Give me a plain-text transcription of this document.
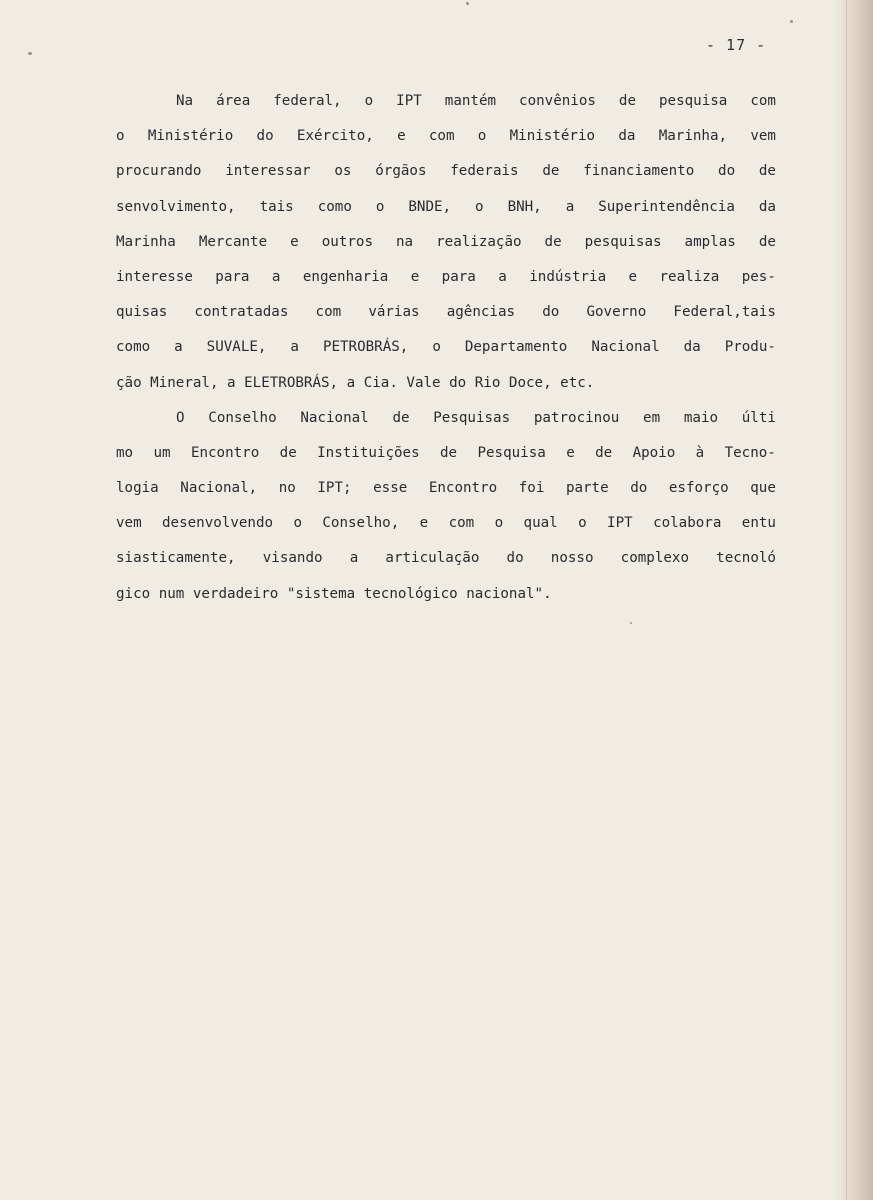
- 17 -
Na área federal, o IPT mantém convênios de pesquisa com
o Ministério do Exército, e com o Ministério da Marinha, vem
procurando interessar os órgãos federais de financiamento do de
senvolvimento, tais como o BNDE, o BNH, a Superintendência da
Marinha Mercante e outros na realização de pesquisas amplas de
interesse para a engenharia e para a indústria e realiza pes-
quisas contratadas com várias agências do Governo Federal,tais
como a SUVALE, a PETROBRÁS, o Departamento Nacional da Produ-
ção Mineral, a ELETROBRÁS, a Cia. Vale do Rio Doce, etc.
O Conselho Nacional de Pesquisas patrocinou em maio últi
mo um Encontro de Instituições de Pesquisa e de Apoio à Tecno-
logia Nacional, no IPT; esse Encontro foi parte do esforço que
vem desenvolvendo o Conselho, e com o qual o IPT colabora entu
siasticamente, visando a articulação do nosso complexo tecnoló
gico num verdadeiro "sistema tecnológico nacional".
